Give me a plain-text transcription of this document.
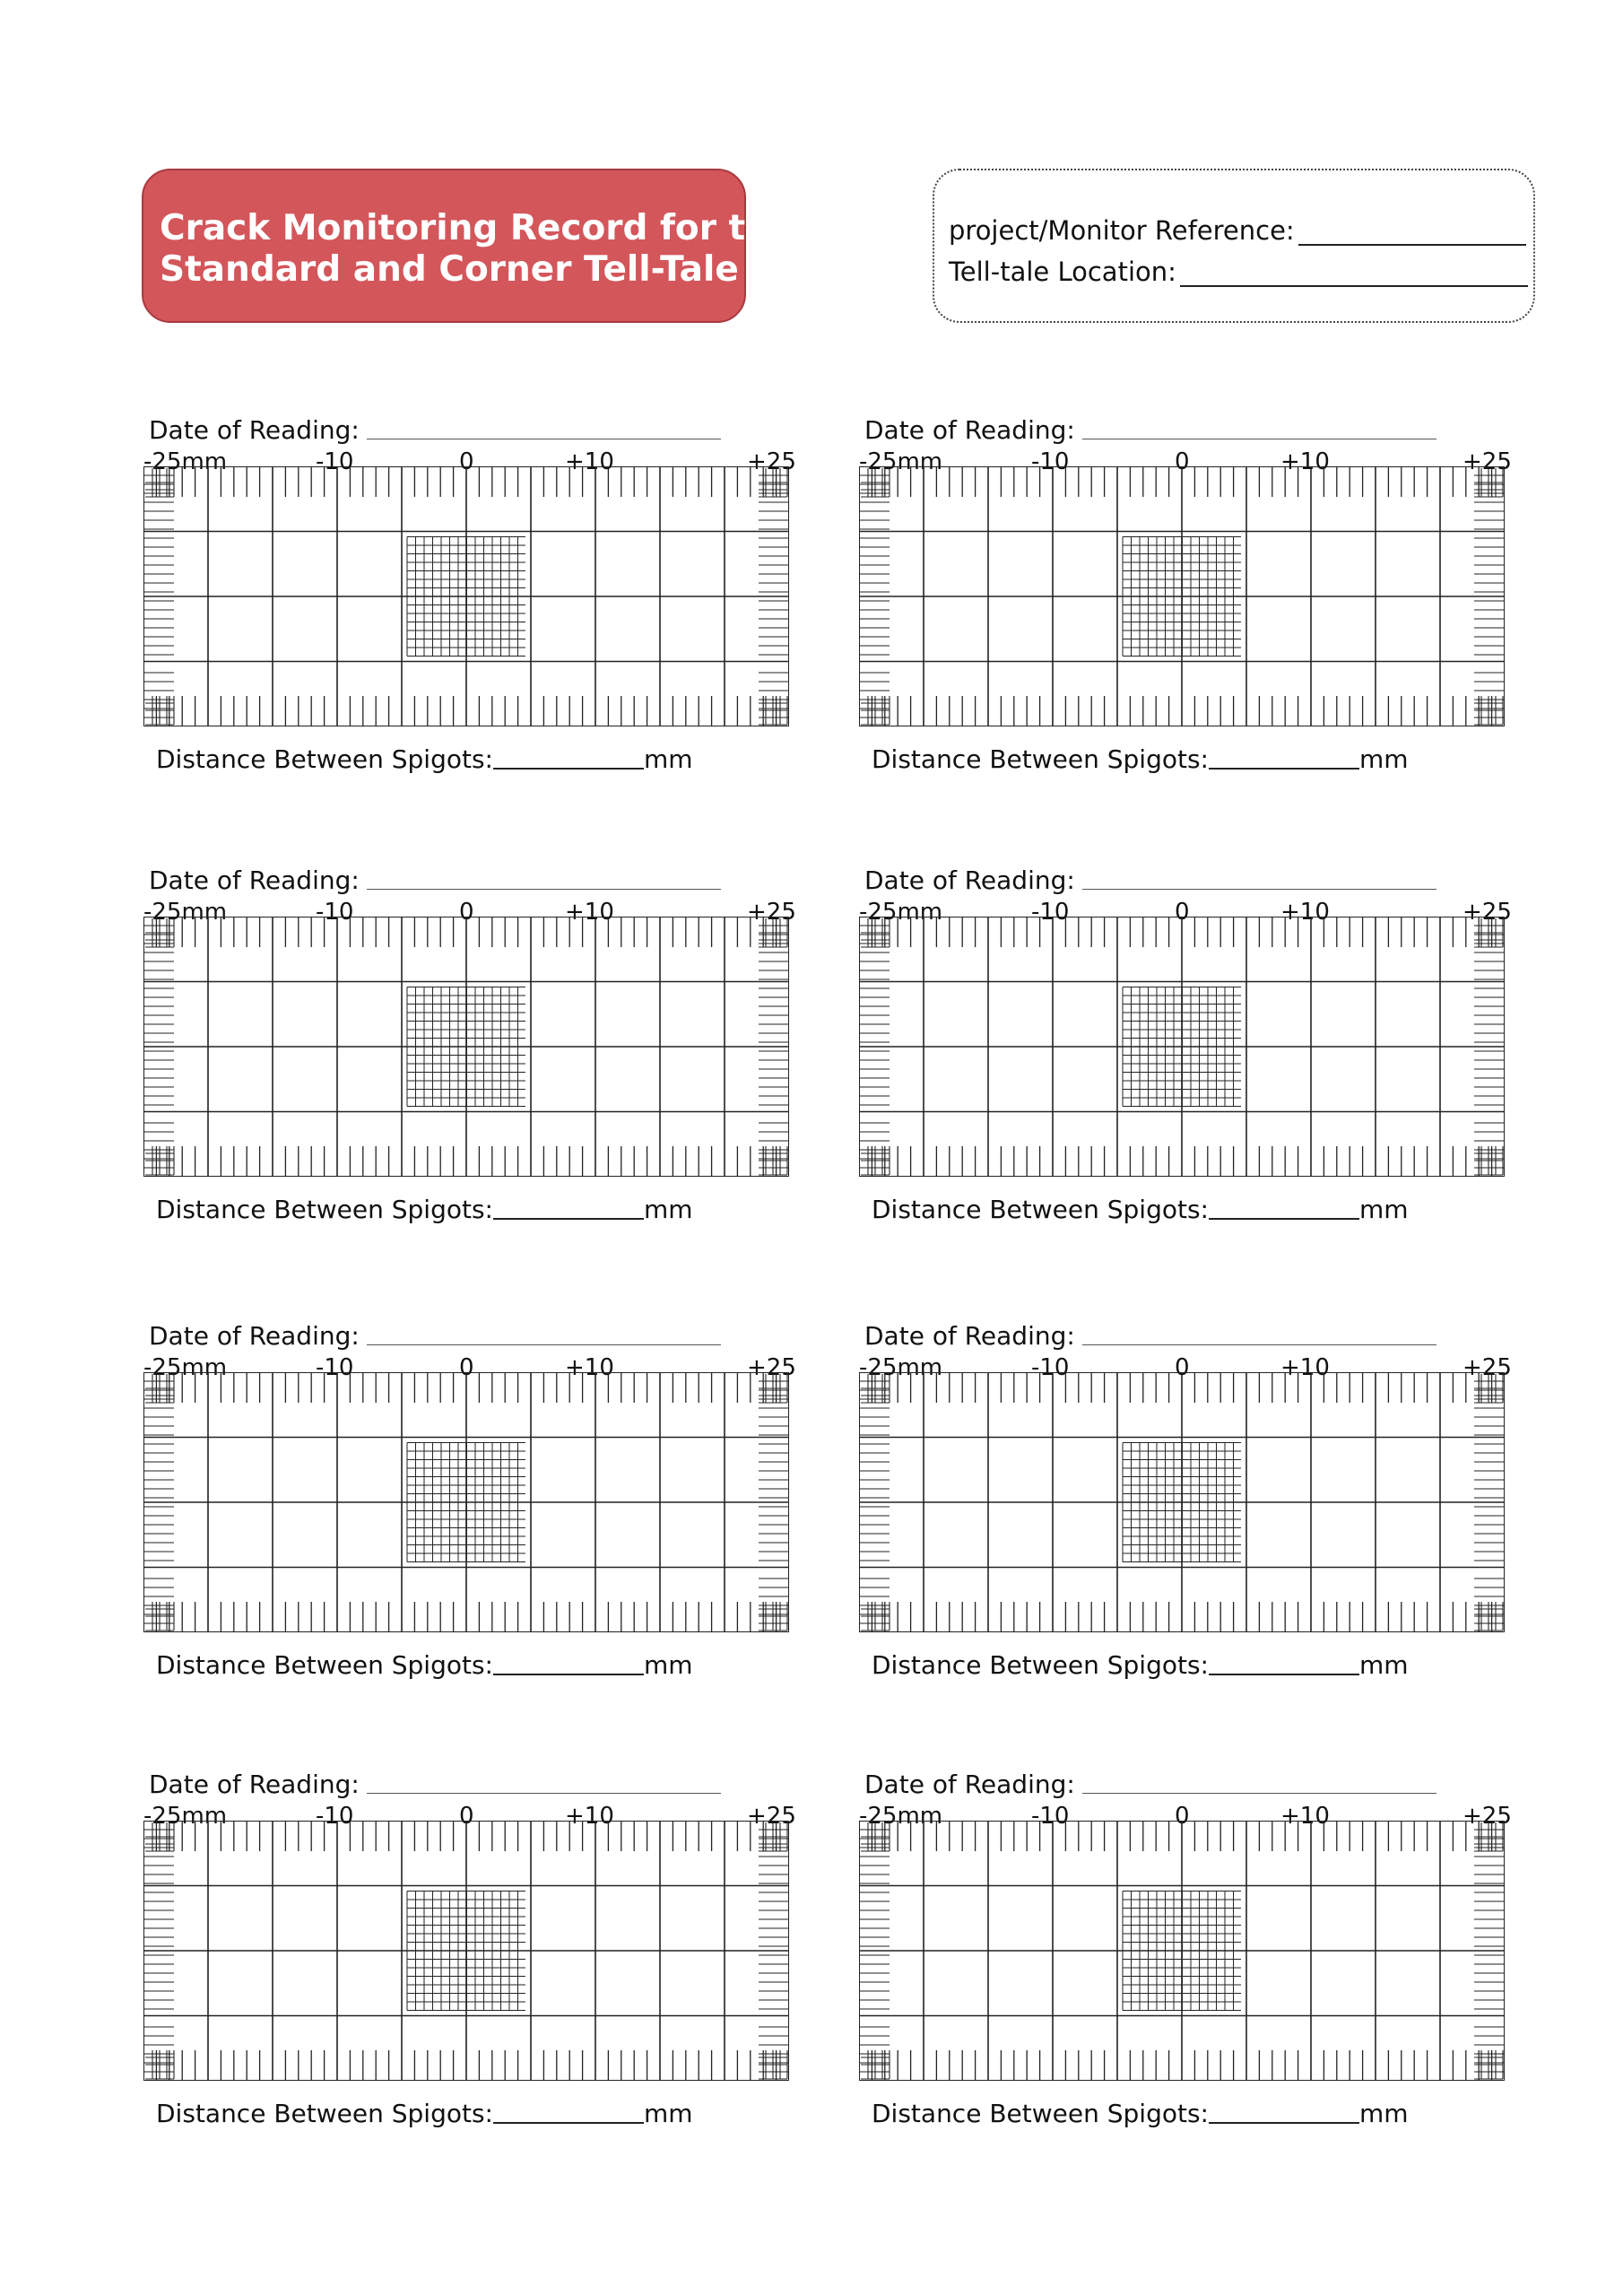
Crack Monitoring Record for the
Standard and Corner Tell-Tale
project/Monitor Reference:
Tell-tale Location:
Date of Reading:
-25mm	-10	0	+10	+25
Distance Between Spigots:	mm
Date of Reading:
-25mm	-10	0	+10	+25
Distance Between Spigots:	mm
Date of Reading:
-25mm	-10	0	+10	+25
Distance Between Spigots:	mm
Date of Reading:
-25mm	-10	0	+10	+25
Distance Between Spigots:	mm
Date of Reading:
-25mm	-10	0	+10	+25
Distance Between Spigots:	mm
Date of Reading:
-25mm	-10	0	+10	+25
Distance Between Spigots:	mm
Date of Reading:
-25mm	-10	0	+10	+25
Distance Between Spigots:	mm
Date of Reading:
-25mm	-10	0	+10	+25
Distance Between Spigots:	mm
